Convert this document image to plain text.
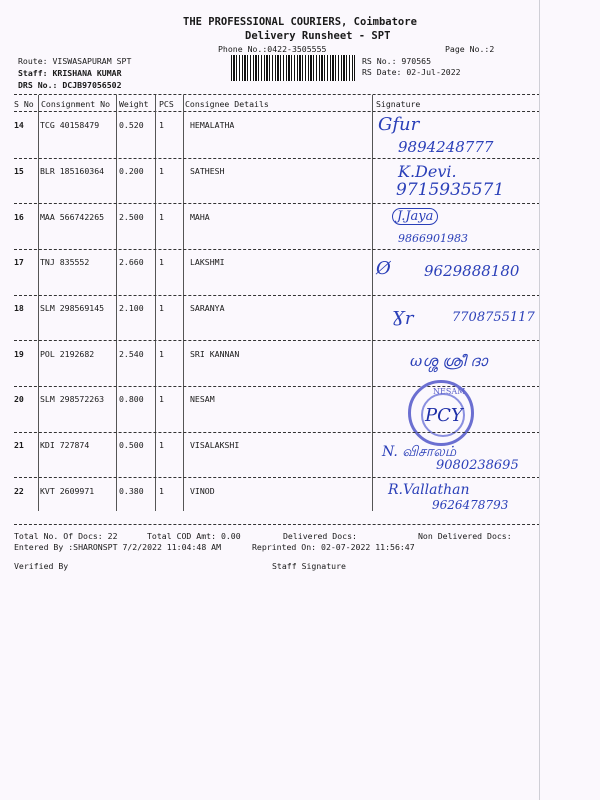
THE PROFESSIONAL COURIERS, Coimbatore
Delivery Runsheet - SPT
Phone No.:0422-3505555	Page No.:2
Route: VISWASAPURAM SPT
Staff: KRISHANA KUMAR
DRS No.: DCJB97056502
RS No.: 970565
RS Date: 02-Jul-2022
S No Consignment No Weight PCS Consignee Details	Signature
14 TCG 40158479 0.520 1	HEMALATHA	Gfur
9894248777
15 BLR 185160364 0.200 1	SATHESH	K.Devi.
9715935571
16 MAA 566742265 2.500 1	MAHA	J.Jaya
9866901983
17 TNJ 835552	2.660 1	LAKSHMI	Ø 9629888180
18 SLM 298569145 2.100 1	SARANYA	Ɣr	7708755117
19 POL 2192682	2.540 1	SRI KANNAN	ωശ്ശ ശ്രീ ദാ
20 SLM 298572263 0.800 1	NESAM
NESAM
PCY
21 KDI 727874	0.500 1	VISALAKSHI	N. விசாலம்
9080238695
22 KVT 2609971	0.380 1	VINOD	R.Vallathan
9626478793
Total No. Of Docs: 22	Total COD Amt: 0.00	Delivered Docs:	Non Delivered Docs:
Entered By :SHARONSPT 7/2/2022 11:04:48 AM	Reprinted On: 02-07-2022 11:56:47
Verified By	Staff Signature
